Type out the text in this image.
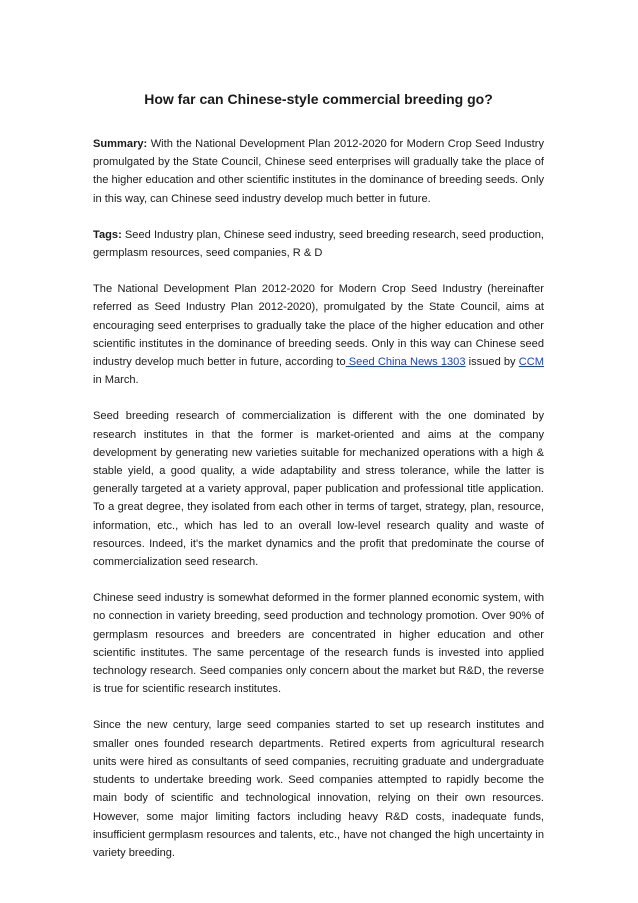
How far can Chinese-style commercial breeding go?

Summary: With the National Development Plan 2012-2020 for Modern Crop Seed Industry promulgated by the State Council, Chinese seed enterprises will gradually take the place of the higher education and other scientific institutes in the dominance of breeding seeds. Only in this way, can Chinese seed industry develop much better in future.

Tags: Seed Industry plan, Chinese seed industry, seed breeding research, seed production, germplasm resources, seed companies, R & D

The National Development Plan 2012-2020 for Modern Crop Seed Industry (hereinafter referred as Seed Industry Plan 2012-2020), promulgated by the State Council, aims at encouraging seed enterprises to gradually take the place of the higher education and other scientific institutes in the dominance of breeding seeds. Only in this way can Chinese seed industry develop much better in future, according to Seed China News 1303 issued by CCM in March.

Seed breeding research of commercialization is different with the one dominated by research institutes in that the former is market-oriented and aims at the company development by generating new varieties suitable for mechanized operations with a high & stable yield, a good quality, a wide adaptability and stress tolerance, while the latter is generally targeted at a variety approval, paper publication and professional title application. To a great degree, they isolated from each other in terms of target, strategy, plan, resource, information, etc., which has led to an overall low-level research quality and waste of resources. Indeed, it's the market dynamics and the profit that predominate the course of commercialization seed research.

Chinese seed industry is somewhat deformed in the former planned economic system, with no connection in variety breeding, seed production and technology promotion. Over 90% of germplasm resources and breeders are concentrated in higher education and other scientific institutes. The same percentage of the research funds is invested into applied technology research. Seed companies only concern about the market but R&D, the reverse is true for scientific research institutes.

Since the new century, large seed companies started to set up research institutes and smaller ones founded research departments. Retired experts from agricultural research units were hired as consultants of seed companies, recruiting graduate and undergraduate students to undertake breeding work. Seed companies attempted to rapidly become the main body of scientific and technological innovation, relying on their own resources. However, some major limiting factors including heavy R&D costs, inadequate funds, insufficient germplasm resources and talents, etc., have not changed the high uncertainty in variety breeding.
